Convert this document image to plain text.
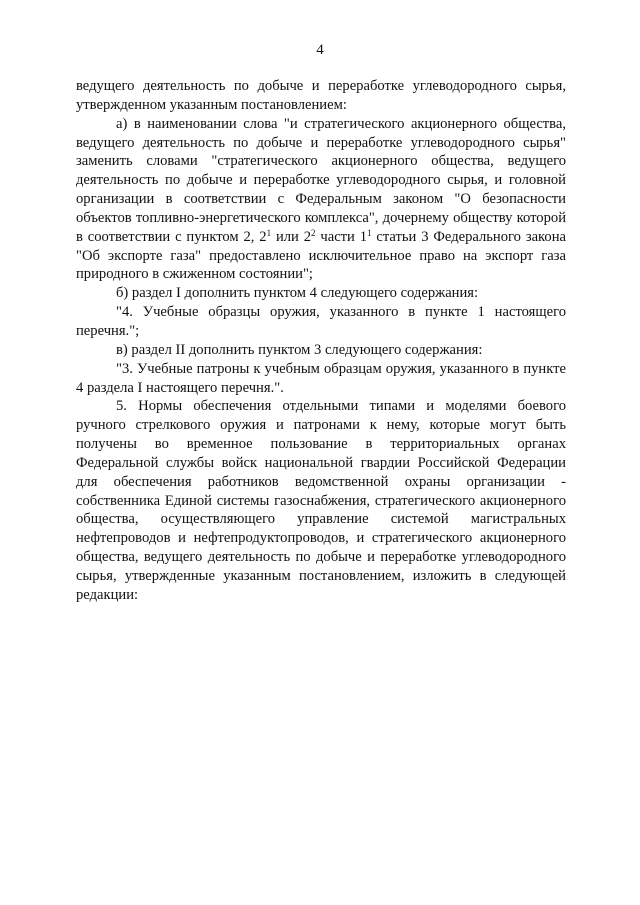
4

ведущего деятельность по добыче и переработке углеводородного сырья, утвержденном указанным постановлением:

а) в наименовании слова "и стратегического акционерного общества, ведущего деятельность по добыче и переработке углеводородного сырья" заменить словами "стратегического акционерного общества, ведущего деятельность по добыче и переработке углеводородного сырья, и головной организации в соответствии с Федеральным законом "О безопасности объектов топливно-энергетического комплекса", дочернему обществу которой в соответствии с пунктом 2, $2^1$ или $2^2$ части $1^1$ статьи 3 Федерального закона "Об экспорте газа" предоставлено исключительное право на экспорт газа природного в сжиженном состоянии";

б) раздел I дополнить пунктом 4 следующего содержания:

"4. Учебные образцы оружия, указанного в пункте 1 настоящего перечня.";

в) раздел II дополнить пунктом 3 следующего содержания:

"3. Учебные патроны к учебным образцам оружия, указанного в пункте 4 раздела I настоящего перечня.".

5. Нормы обеспечения отдельными типами и моделями боевого ручного стрелкового оружия и патронами к нему, которые могут быть получены во временное пользование в территориальных органах Федеральной службы войск национальной гвардии Российской Федерации для обеспечения работников ведомственной охраны организации - собственника Единой системы газоснабжения, стратегического акционерного общества, осуществляющего управление системой магистральных нефтепроводов и нефтепродуктопроводов, и стратегического акционерного общества, ведущего деятельность по добыче и переработке углеводородного сырья, утвержденные указанным постановлением, изложить в следующей редакции:
